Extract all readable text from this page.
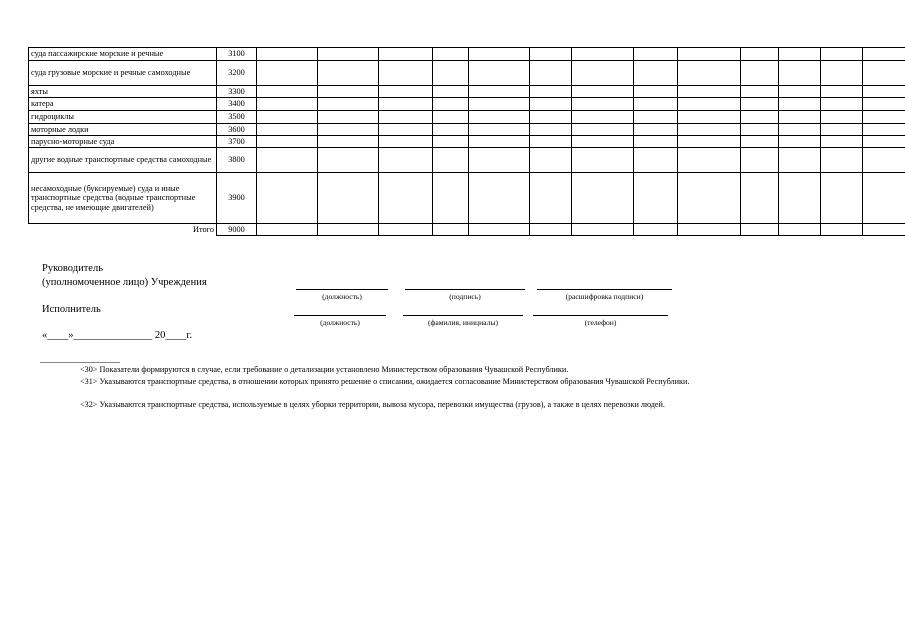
суда пассажирские морские и речные	3100														
суда грузовые морские и речные самоходные	3200														
яхты	3300														
катера	3400														
гидроциклы	3500														
моторные лодки	3600														
парусно-моторные суда	3700														
другие водные транспортные средства самоходные	3800														
несамоходные (буксируемые) суда и иные транспортные средства (водные транспортные средства, не имеющие двигателей)	3900														
Итого	9000														
Руководитель
(уполномоченное лицо) Учреждения
(должность)	(подпись)	(расшифровка подписи)
Исполнитель
(должность)	(фамилия, инициалы)	(телефон)
«____»_______________ 20____г.
<30> Показатели формируются в случае, если требование о детализации установлено Министерством образования Чувашской Республики.
<31> Указываются транспортные средства, в отношении которых принято решение о списании, ожидается согласование Министерством образования Чувашской Республики.
<32> Указываются транспортные средства, используемые в целях уборки территории, вывоза мусора, перевозки имущества (грузов), а также в целях перевозки людей.
